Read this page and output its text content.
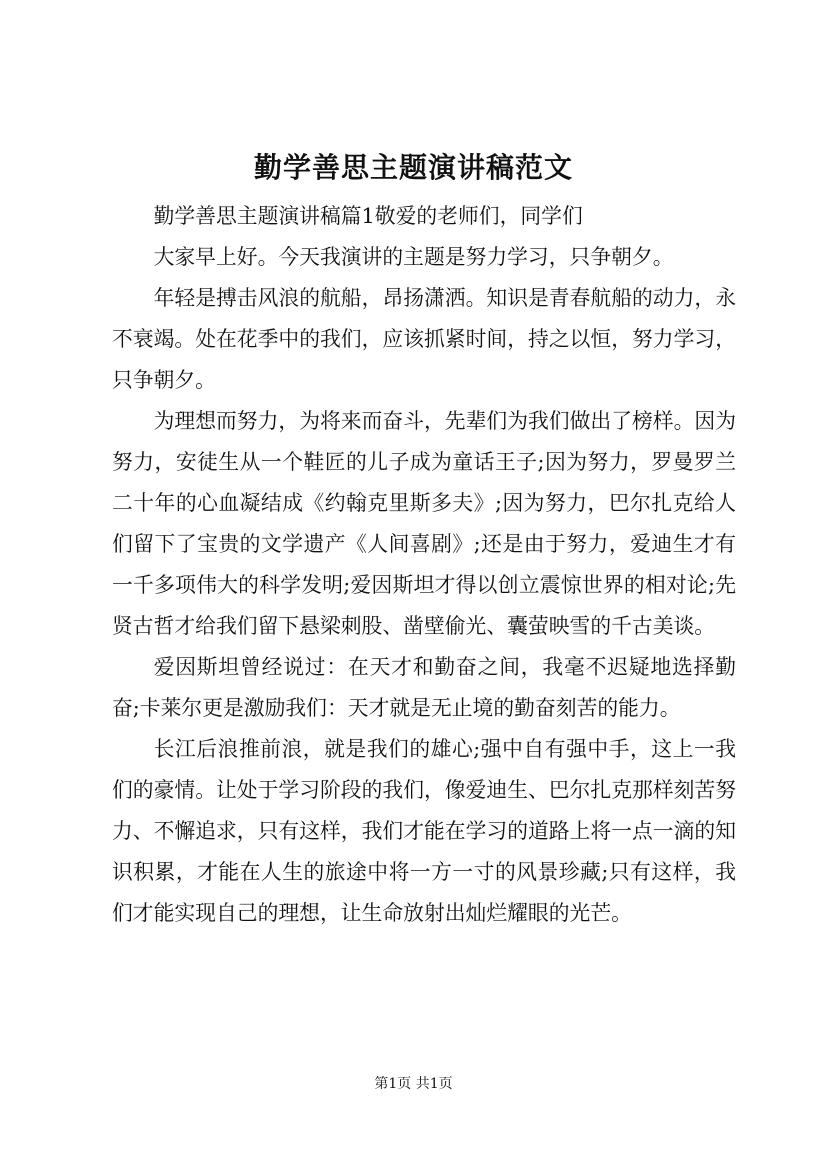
勤学善思主题演讲稿范文

勤学善思主题演讲稿篇1敬爱的老师们，同学们

大家早上好。今天我演讲的主题是努力学习，只争朝夕。

年轻是搏击风浪的航船，昂扬潇洒。知识是青春航船的动力，永不衰竭。处在花季中的我们，应该抓紧时间，持之以恒，努力学习，只争朝夕。

为理想而努力，为将来而奋斗，先辈们为我们做出了榜样。因为努力，安徒生从一个鞋匠的儿子成为童话王子;因为努力，罗曼罗兰二十年的心血凝结成《约翰克里斯多夫》;因为努力，巴尔扎克给人们留下了宝贵的文学遗产《人间喜剧》;还是由于努力，爱迪生才有一千多项伟大的科学发明;爱因斯坦才得以创立震惊世界的相对论;先贤古哲才给我们留下悬梁刺股、凿壁偷光、囊萤映雪的千古美谈。

爱因斯坦曾经说过：在天才和勤奋之间，我毫不迟疑地选择勤奋;卡莱尔更是激励我们：天才就是无止境的勤奋刻苦的能力。

长江后浪推前浪，就是我们的雄心;强中自有强中手，这上一我们的豪情。让处于学习阶段的我们，像爱迪生、巴尔扎克那样刻苦努力、不懈追求，只有这样，我们才能在学习的道路上将一点一滴的知识积累，才能在人生的旅途中将一方一寸的风景珍藏;只有这样，我们才能实现自己的理想，让生命放射出灿烂耀眼的光芒。

第1页 共1页
